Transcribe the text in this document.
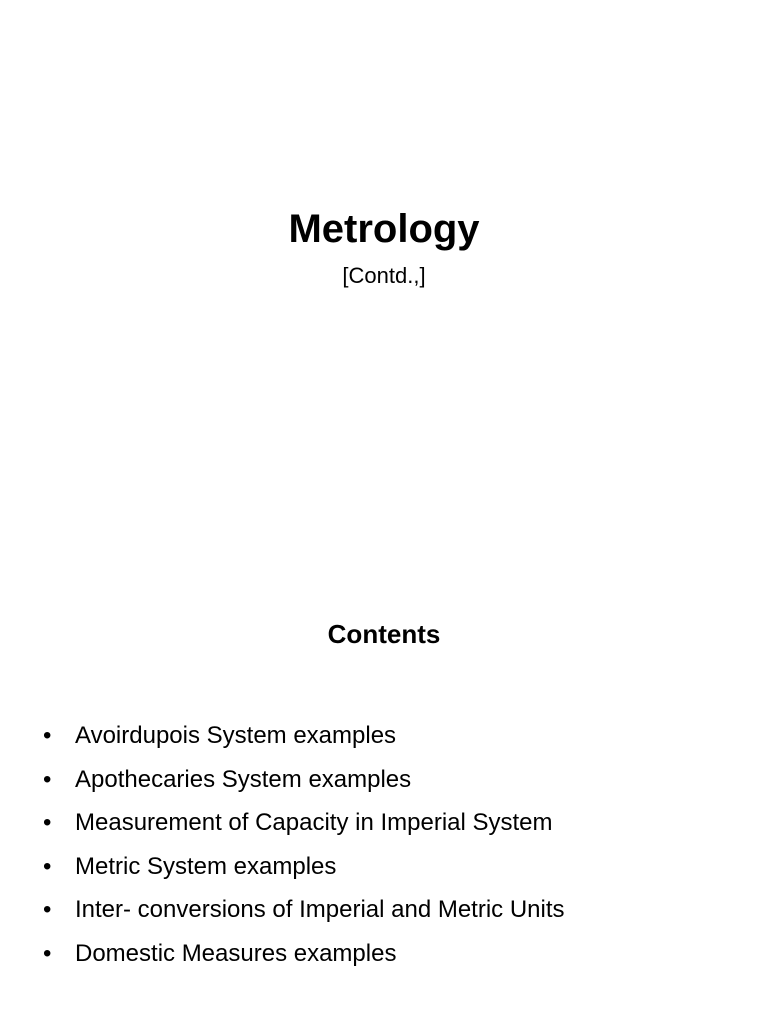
Metrology

[Contd.,]

Contents
• Avoirdupois System examples
• Apothecaries System examples
• Measurement of Capacity in Imperial System
• Metric System examples
• Inter- conversions of Imperial and Metric Units
• Domestic Measures examples
